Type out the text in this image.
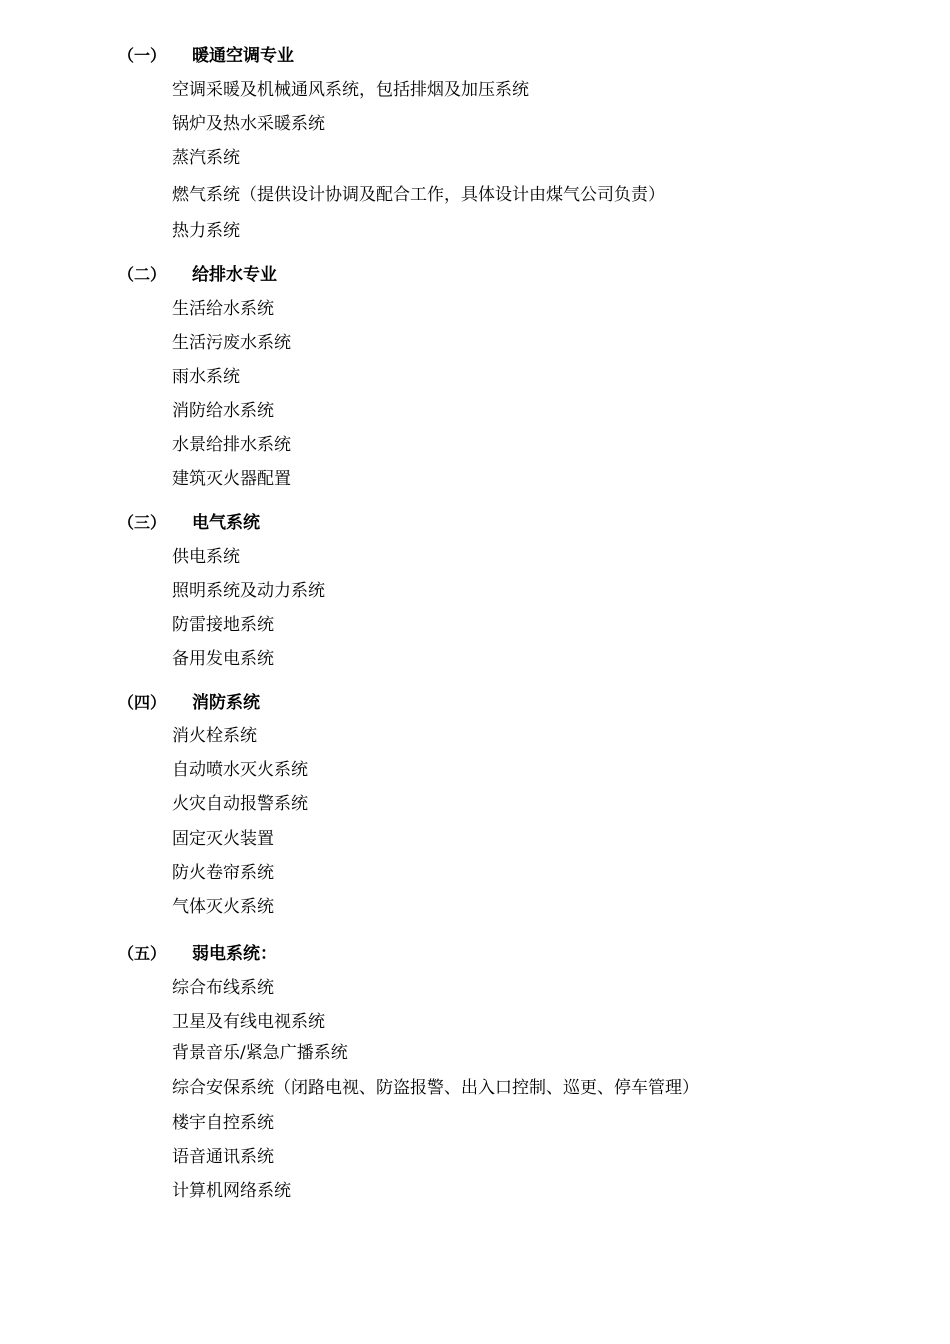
（一） 暖通空调专业
空调采暖及机械通风系统，包括排烟及加压系统
锅炉及热水采暖系统
蒸汽系统
燃气系统（提供设计协调及配合工作，具体设计由煤气公司负责）
热力系统
（二） 给排水专业
生活给水系统
生活污废水系统
雨水系统
消防给水系统
水景给排水系统
建筑灭火器配置
（三） 电气系统
供电系统
照明系统及动力系统
防雷接地系统
备用发电系统
（四） 消防系统
消火栓系统
自动喷水灭火系统
火灾自动报警系统
固定灭火装置
防火卷帘系统
气体灭火系统
（五） 弱电系统：
综合布线系统
卫星及有线电视系统
背景音乐/紧急广播系统
综合安保系统（闭路电视、防盗报警、出入口控制、巡更、停车管理）
楼宇自控系统
语音通讯系统
计算机网络系统
